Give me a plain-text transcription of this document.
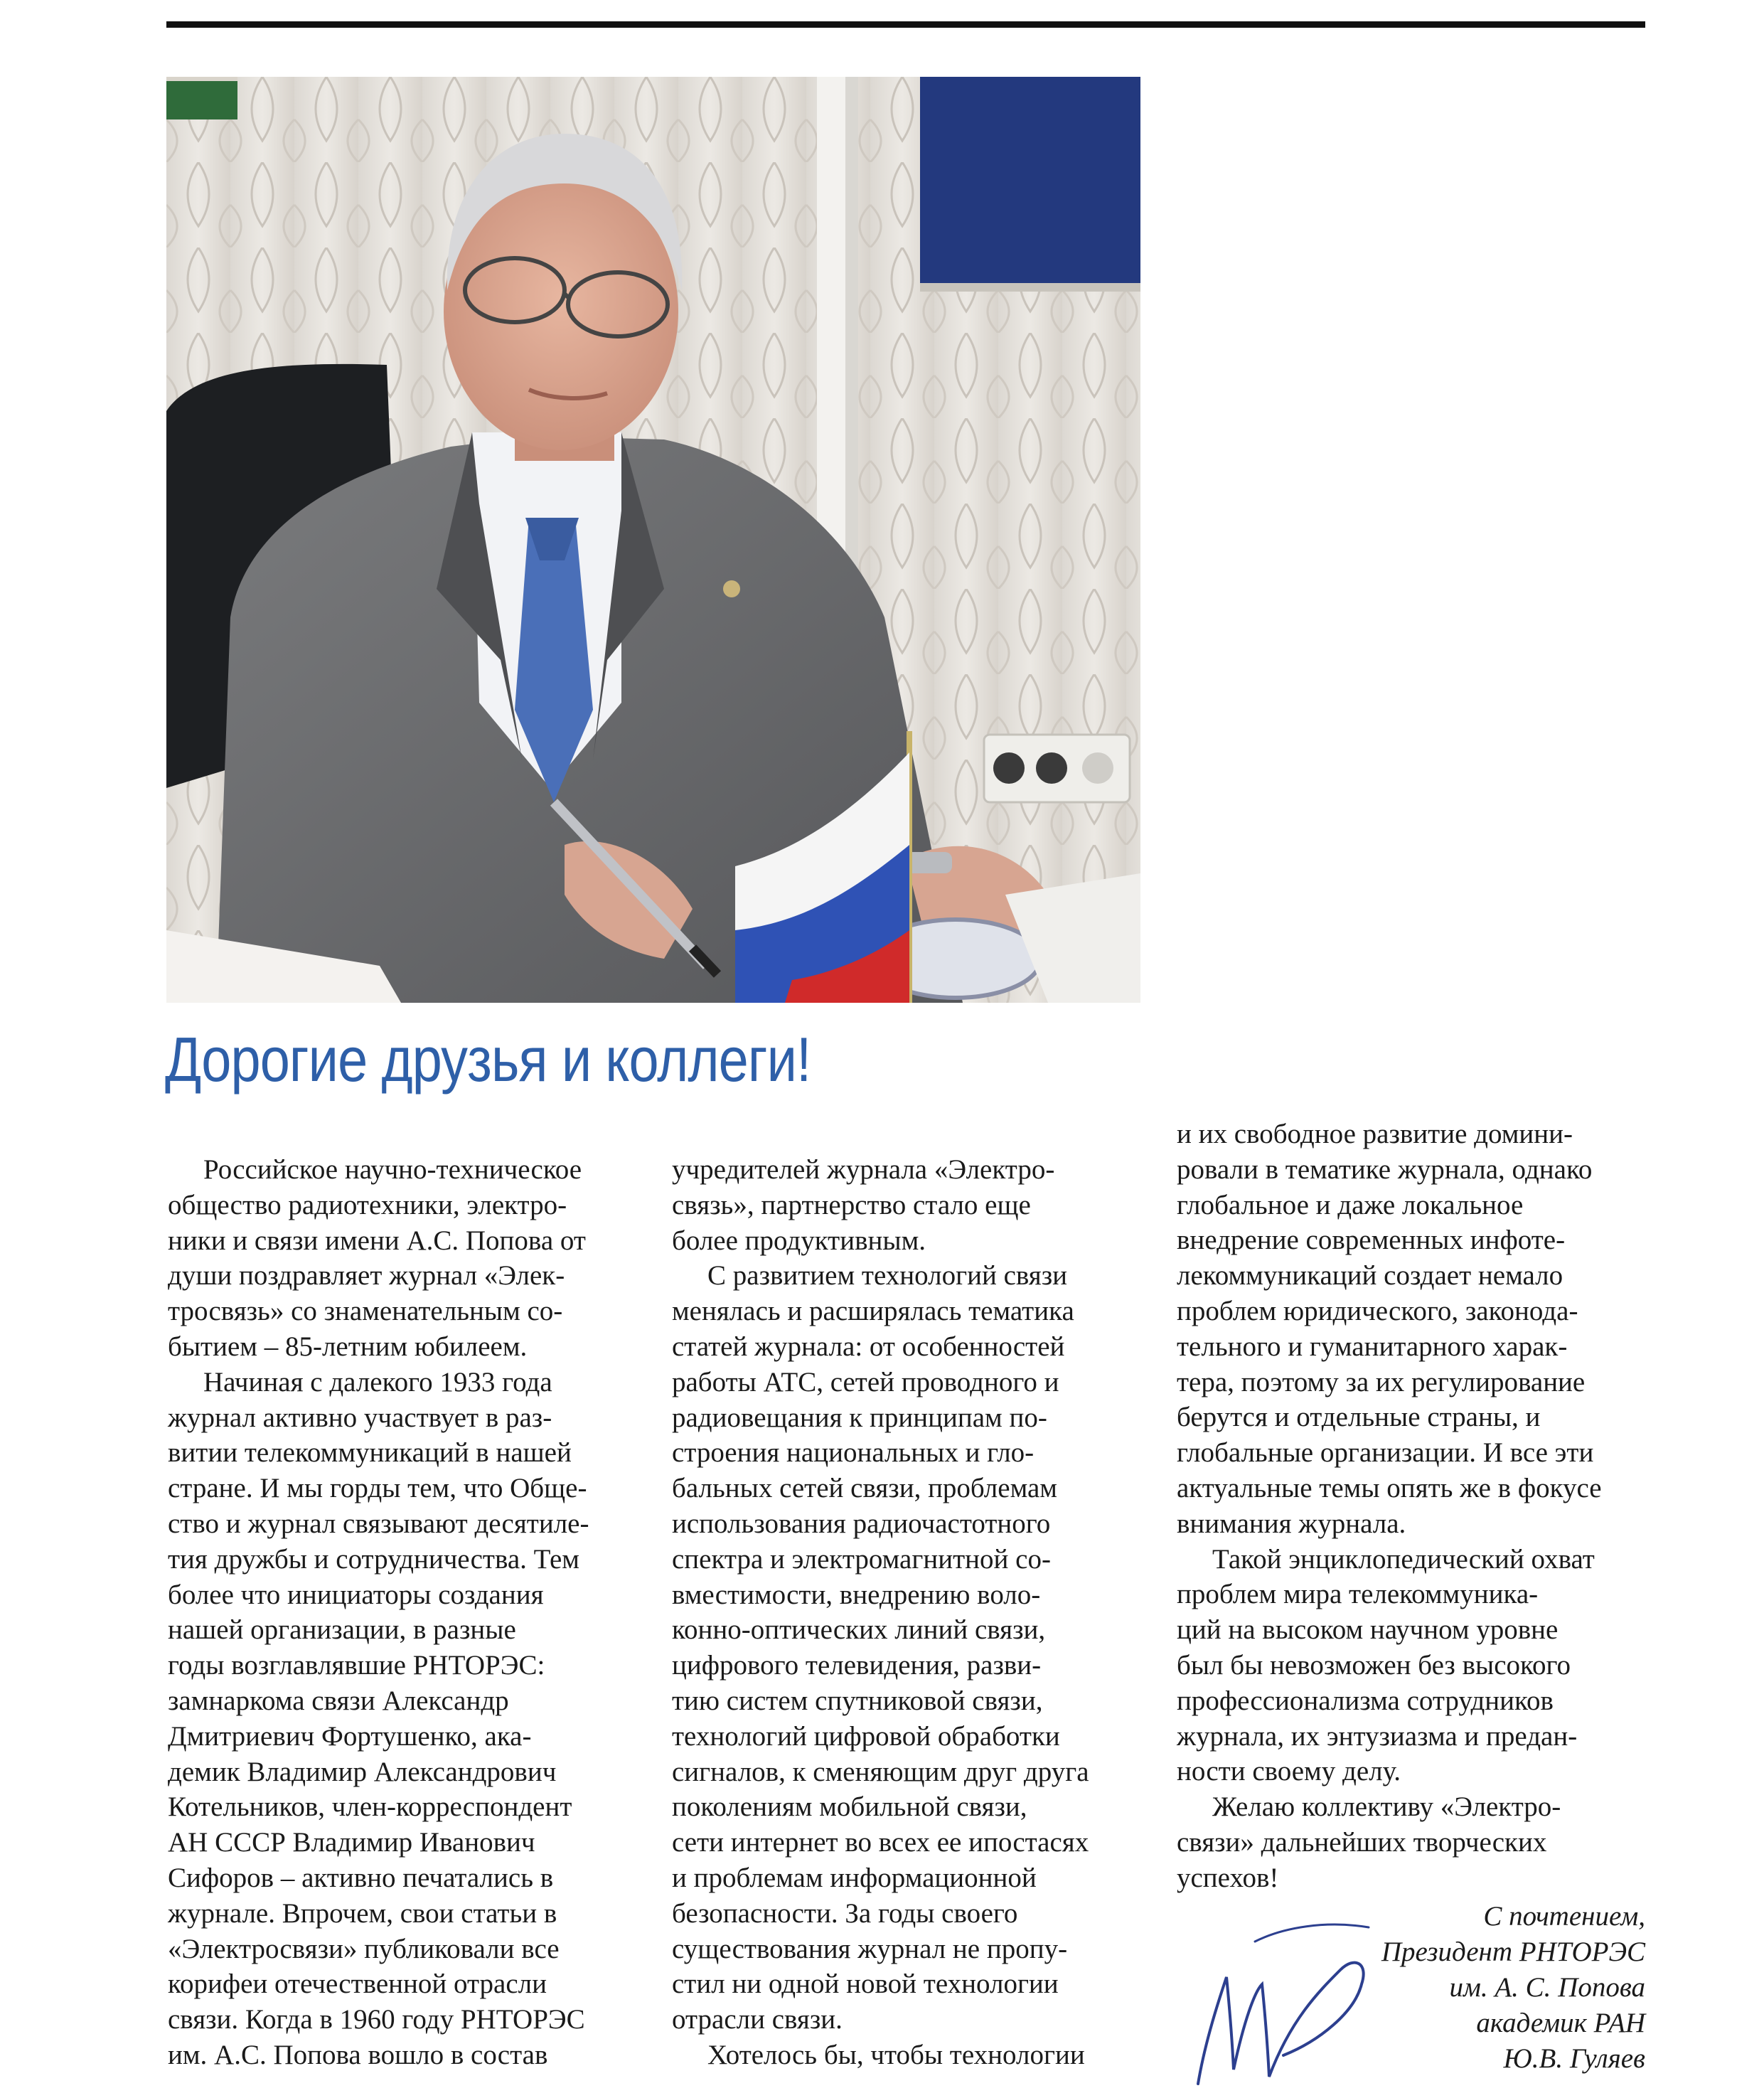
Дорогие друзья и коллеги!

Российское научно-техническое
общество радиотехники, электро-
ники и связи имени А.С. Попова от
души поздравляет журнал «Элек-
тросвязь» со знаменательным со-
бытием – 85-летним юбилеем.

Начиная с далекого 1933 года
журнал активно участвует в раз-
витии телекоммуникаций в нашей
стране. И мы горды тем, что Обще-
ство и журнал связывают десятиле-
тия дружбы и сотрудничества. Тем
более что инициаторы создания
нашей организации, в разные
годы возглавлявшие РНТОРЭС:
замнаркома связи Александр
Дмитриевич Фортушенко, ака-
демик Владимир Александрович
Котельников, член-корреспондент
АН СССР Владимир Иванович
Сифоров – активно печатались в
журнале. Впрочем, свои статьи в
«Электросвязи» публиковали все
корифеи отечественной отрасли
связи. Когда в 1960 году РНТОРЭС
им. А.С. Попова вошло в состав

учредителей журнала «Электро-
связь», партнерство стало еще
более продуктивным.

С развитием технологий связи
менялась и расширялась тематика
статей журнала: от особенностей
работы АТС, сетей проводного и
радиовещания к принципам по-
строения национальных и гло-
бальных сетей связи, проблемам
использования радиочастотного
спектра и электромагнитной со-
вместимости, внедрению воло-
конно-оптических линий связи,
цифрового телевидения, разви-
тию систем спутниковой связи,
технологий цифровой обработки
сигналов, к сменяющим друг друга
поколениям мобильной связи,
сети интернет во всех ее ипостасях
и проблемам информационной
безопасности. За годы своего
существования журнал не пропу-
стил ни одной новой технологии
отрасли связи.

Хотелось бы, чтобы технологии

и их свободное развитие домини-
ровали в тематике журнала, однако
глобальное и даже локальное
внедрение современных инфоте-
лекоммуникаций создает немало
проблем юридического, законода-
тельного и гуманитарного харак-
тера, поэтому за их регулирование
берутся и отдельные страны, и
глобальные организации. И все эти
актуальные темы опять же в фокусе
внимания журнала.

Такой энциклопедический охват
проблем мира телекоммуника-
ций на высоком научном уровне
был бы невозможен без высокого
профессионализма сотрудников
журнала, их энтузиазма и предан-
ности своему делу.

Желаю коллективу «Электро-
связи» дальнейших творческих
успехов!

С почтением,
Президент РНТОРЭС
им. А. С. Попова
академик РАН
Ю.В. Гуляев
